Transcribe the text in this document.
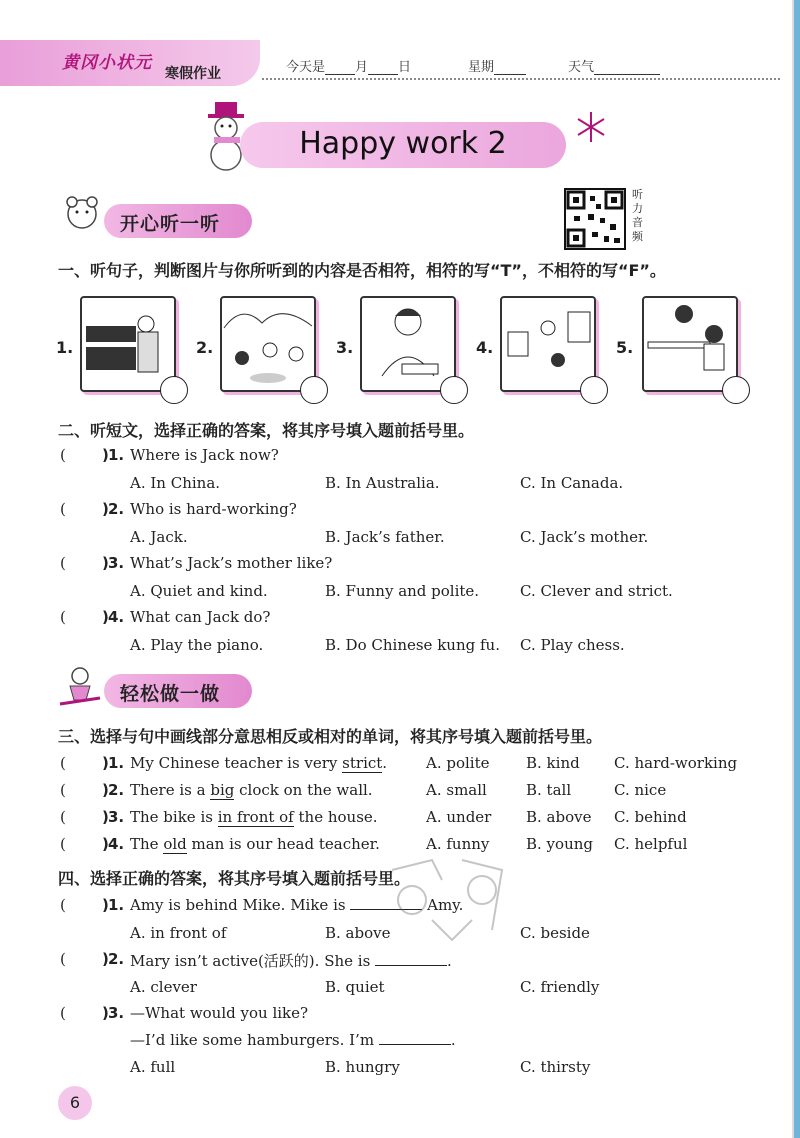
黄冈小状元
寒假作业	今天是 月 日	星期	天气
Happy work 2
开心听一听
听力音频
一、听句子，判断图片与你所听到的内容是否相符，相符的写“T”，不相符的写“F”。
1.	2.	3.	4.	5.
二、听短文，选择正确的答案，将其序号填入题前括号里。
( ) 1. Where is Jack now?
A. In China.	B. In Australia.	C. In Canada.
( ) 2. Who is hard-working?
A. Jack.	B. Jack’s father.	C. Jack’s mother.
( ) 3. What’s Jack’s mother like?
A. Quiet and kind.	B. Funny and polite.	C. Clever and strict.
( ) 4. What can Jack do?
A. Play the piano.	B. Do Chinese kung fu. C. Play chess.
轻松做一做
三、选择与句中画线部分意思相反或相对的单词，将其序号填入题前括号里。
( ) 1. My Chinese teacher is very strict.	A. polite B. kind C. hard-working
( ) 2. There is a big clock on the wall.	A. small	B. tall	C. nice
( ) 3. The bike is in front of the house.	A. under B. above C. behind
( ) 4. The old man is our head teacher.	A. funny B. young C. helpful
四、选择正确的答案，将其序号填入题前括号里。
( ) 1. Amy is behind Mike. Mike is	Amy.
A. in front of	B. above	C. beside
( ) 2. Mary isn’t active(活跃的). She is	.
A. clever	B. quiet	C. friendly
( ) 3. —What would you like?
—I’d like some hamburgers. I’m	.
A. full	B. hungry	C. thirsty
6
